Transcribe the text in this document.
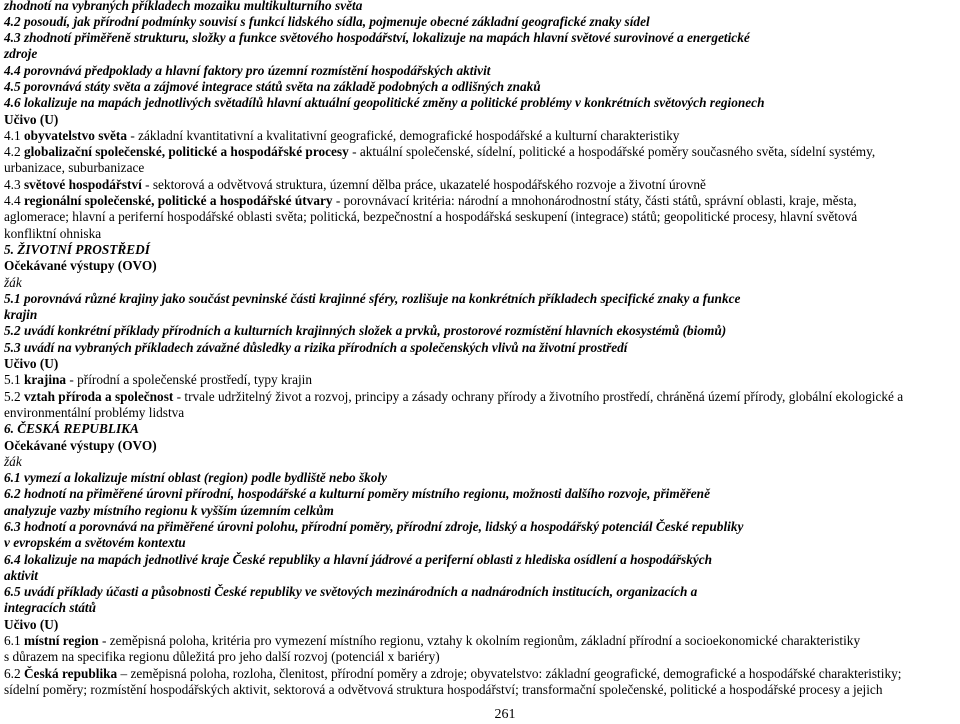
zhodnotí na vybraných příkladech mozaiku multikulturního světa
4.2 posoudí, jak přírodní podmínky souvisí s funkcí lidského sídla, pojmenuje obecné základní geografické znaky sídel
4.3 zhodnotí přiměřeně strukturu, složky a funkce světového hospodářství, lokalizuje na mapách hlavní světové surovinové a energetické
zdroje
4.4 porovnává předpoklady a hlavní faktory pro územní rozmístění hospodářských aktivit
4.5 porovnává státy světa a zájmové integrace států světa na základě podobných a odlišných znaků
4.6 lokalizuje na mapách jednotlivých světadílů hlavní aktuální geopolitické změny a politické problémy v konkrétních světových regionech
Učivo (U)
4.1 obyvatelstvo světa - základní kvantitativní a kvalitativní geografické, demografické hospodářské a kulturní charakteristiky
4.2 globalizační společenské, politické a hospodářské procesy - aktuální společenské, sídelní, politické a hospodářské poměry současného světa, sídelní systémy,
urbanizace, suburbanizace
4.3 světové hospodářství - sektorová a odvětvová struktura, územní dělba práce, ukazatelé hospodářského rozvoje a životní úrovně
4.4 regionální společenské, politické a hospodářské útvary - porovnávací kritéria: národní a mnohonárodnostní státy, části států, správní oblasti, kraje, města,
aglomerace; hlavní a periferní hospodářské oblasti světa; politická, bezpečnostní a hospodářská seskupení (integrace) států; geopolitické procesy, hlavní světová
konfliktní ohniska
5. ŽIVOTNÍ PROSTŘEDÍ
Očekávané výstupy (OVO)
žák
5.1 porovnává různé krajiny jako součást pevninské části krajinné sféry, rozlišuje na konkrétních příkladech specifické znaky a funkce
krajin
5.2 uvádí konkrétní příklady přírodních a kulturních krajinných složek a prvků, prostorové rozmístění hlavních ekosystémů (biomů)
5.3 uvádí na vybraných příkladech závažné důsledky a rizika přírodních a společenských vlivů na životní prostředí
Učivo (U)
5.1 krajina - přírodní a společenské prostředí, typy krajin
5.2 vztah příroda a společnost - trvale udržitelný život a rozvoj, principy a zásady ochrany přírody a životního prostředí, chráněná území přírody, globální ekologické a
environmentální problémy lidstva
6. ČESKÁ REPUBLIKA
Očekávané výstupy (OVO)
žák
6.1 vymezí a lokalizuje místní oblast (region) podle bydliště nebo školy
6.2 hodnotí na přiměřené úrovni přírodní, hospodářské a kulturní poměry místního regionu, možnosti dalšího rozvoje, přiměřeně
analyzuje vazby místního regionu k vyšším územním celkům
6.3 hodnotí a porovnává na přiměřené úrovni polohu, přírodní poměry, přírodní zdroje, lidský a hospodářský potenciál České republiky
v evropském a světovém kontextu
6.4 lokalizuje na mapách jednotlivé kraje České republiky a hlavní jádrové a periferní oblasti z hlediska osídlení a hospodářských
aktivit
6.5 uvádí příklady účasti a působnosti České republiky ve světových mezinárodních a nadnárodních institucích, organizacích a
integracích států
Učivo (U)
6.1 místní region - zeměpisná poloha, kritéria pro vymezení místního regionu, vztahy k okolním regionům, základní přírodní a socioekonomické charakteristiky
s důrazem na specifika regionu důležitá pro jeho další rozvoj (potenciál x bariéry)
6.2 Česká republika – zeměpisná poloha, rozloha, členitost, přírodní poměry a zdroje; obyvatelstvo: základní geografické, demografické a hospodářské charakteristiky;
sídelní poměry; rozmístění hospodářských aktivit, sektorová a odvětvová struktura hospodářství; transformační společenské, politické a hospodářské procesy a jejich
261
